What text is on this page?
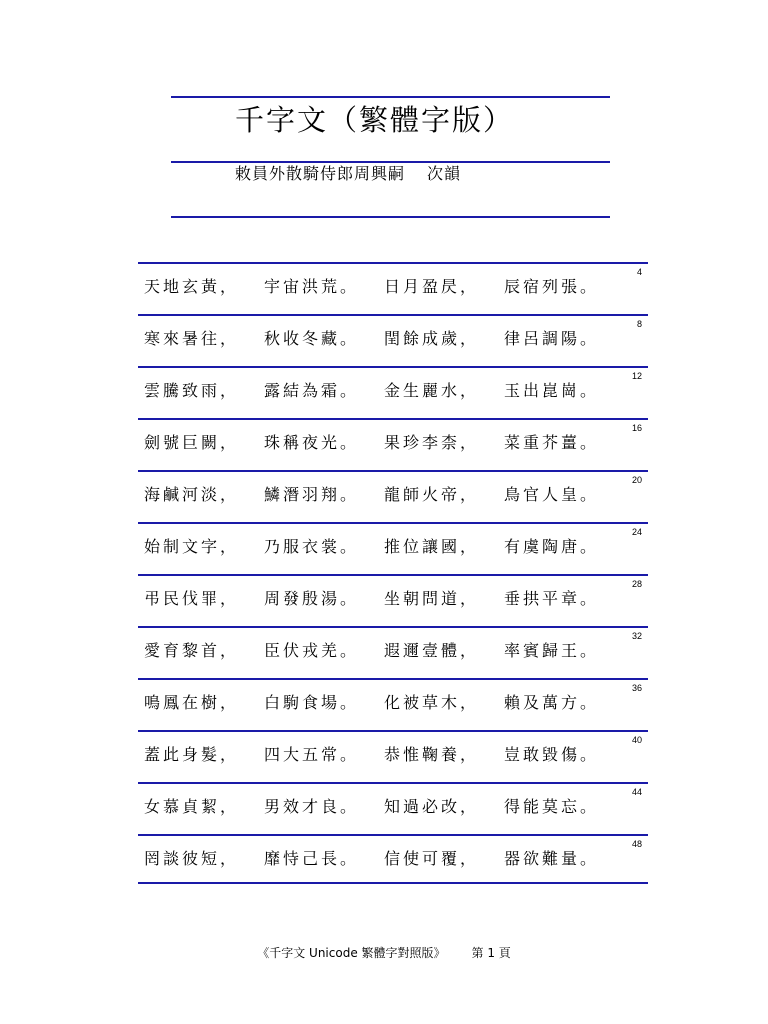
千字文（繁體字版）
敕員外散騎侍郎周興嗣 次韻
天地玄黃， 宇宙洪荒。 日月盈昃， 辰宿列張。
4
寒來暑往， 秋收冬藏。 閏餘成歲， 律呂調陽。
8
雲騰致雨， 露結為霜。 金生麗水， 玉出崑崗。
12
劍號巨闕， 珠稱夜光。 果珍李柰， 菜重芥薑。
16
海鹹河淡， 鱗潛羽翔。 龍師火帝， 鳥官人皇。
20
始制文字， 乃服衣裳。 推位讓國， 有虞陶唐。
24
弔民伐罪， 周發殷湯。 坐朝問道， 垂拱平章。
28
愛育黎首， 臣伏戎羌。 遐邇壹體， 率賓歸王。
32
鳴鳳在樹， 白駒食場。 化被草木， 賴及萬方。
36
蓋此身髮， 四大五常。 恭惟鞠養， 豈敢毀傷。
40
女慕貞絜， 男效才良。 知過必改， 得能莫忘。
44
罔談彼短， 靡恃己長。 信使可覆， 器欲難量。
48
《千字文 Unicode 繁體字對照版》 第 1 頁
